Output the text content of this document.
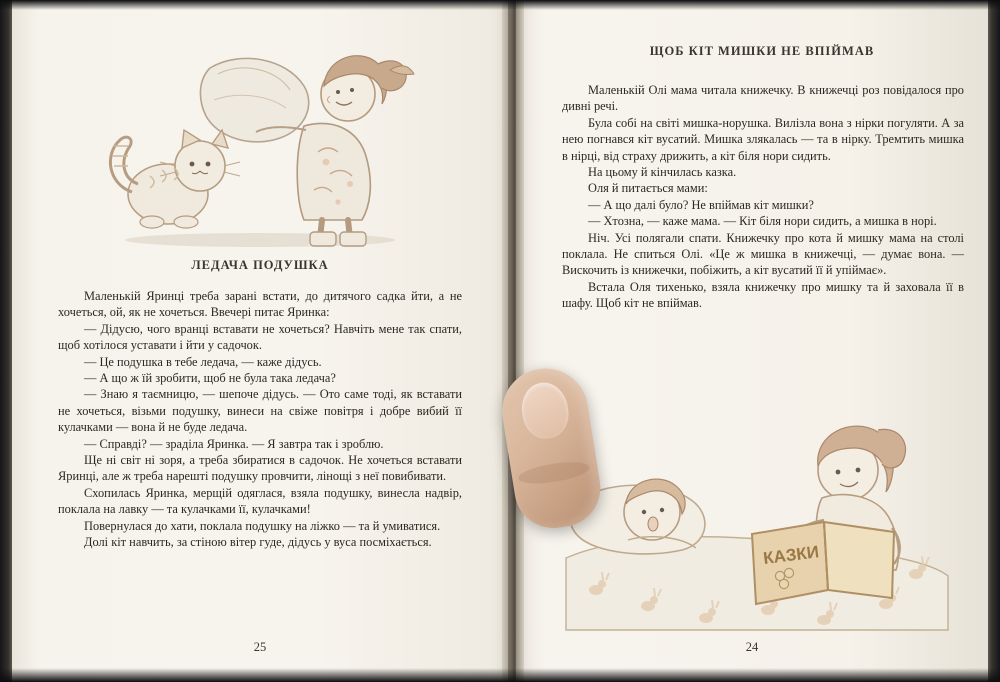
ЛЕДАЧА ПОДУШКА

Маленькій Яринці треба зарані встати, до дитячого садка йти, а не хочеться, ой, як не хочеться. Ввечері питає Яринка:

— Дідусю, чого вранці вставати не хочеться? Навчіть мене так спати, щоб хотілося уставати і йти у садочок.

— Це подушка в тебе ледача, — каже дідусь.

— А що ж їй зробити, щоб не була така ледача?

— Знаю я таємницю, — шепоче дідусь. — Ото саме тоді, як вставати не хочеться, візьми подушку, винеси на свіже повітря і добре вибий її кулачками — вона й не буде ледача.

— Справді? — зраділа Яринка. — Я завтра так і зроблю.

Ще ні світ ні зоря, а треба збиратися в садочок. Не хочеться вставати Яринці, але ж треба нарешті подушку провчити, лінощі з неї повибивати.

Схопилась Яринка, мерщій одяглася, взяла подушку, винесла надвір, поклала на лавку — та кулачками її, кулачками!

Повернулася до хати, поклала подушку на ліжко — та й умиватися.

Долі кіт навчить, за стіною вітер гуде, дідусь у вуса посміхається.

25
ЩОБ КІТ МИШКИ НЕ ВПІЙМАВ

Маленькій Олі мама читала книжечку. В книжечці роз повідалося про дивні речі.

Була собі на світі мишка-норушка. Вилізла вона з нірки погуляти. А за нею погнався кіт вусатий. Мишка злякалась — та в нірку. Тремтить мишка в нірці, від страху дрижить, а кіт біля нори сидить.

На цьому й кінчилась казка.

Оля й питається мами:

— А що далі було? Не впіймав кіт мишки?

— Хтозна, — каже мама. — Кіт біля нори сидить, а мишка в норі.

Ніч. Усі полягали спати. Книжечку про кота й мишку мама на столі поклала. Не спиться Олі. «Це ж мишка в книжечці, — думає вона. — Вискочить із книжечки, побіжить, а кіт вусатий її й упіймає».

Встала Оля тихенько, взяла книжечку про мишку та й заховала її в шафу. Щоб кіт не впіймав.

КАЗКИ
24
